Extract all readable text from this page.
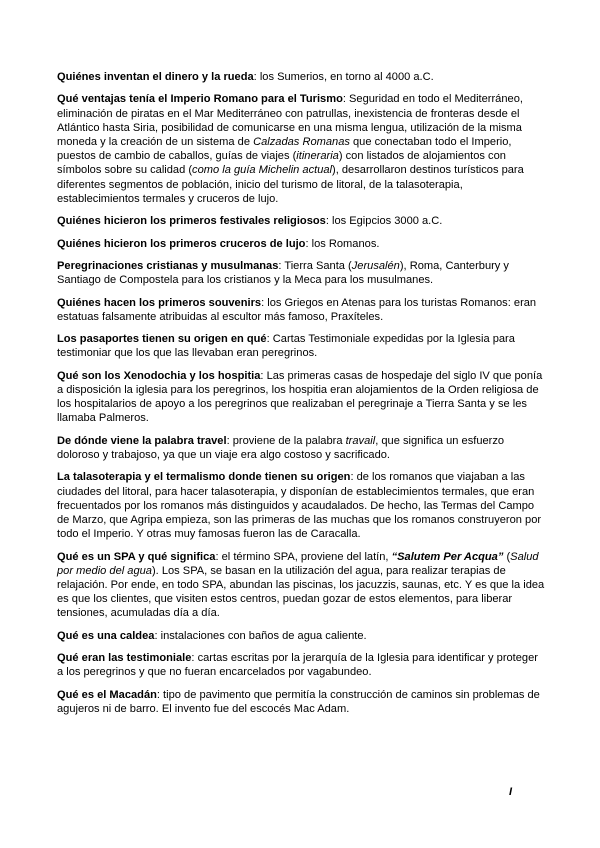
Quiénes inventan el dinero y la rueda: los Sumerios, en torno al 4000 a.C.

Qué ventajas tenía el Imperio Romano para el Turismo: Seguridad en todo el Mediterráneo, eliminación de piratas en el Mar Mediterráneo con patrullas, inexistencia de fronteras desde el Atlántico hasta Siria, posibilidad de comunicarse en una misma lengua, utilización de la misma moneda y la creación de un sistema de Calzadas Romanas que conectaban todo el Imperio, puestos de cambio de caballos, guías de viajes (itineraria) con listados de alojamientos con símbolos sobre su calidad (como la guía Michelin actual), desarrollaron destinos turísticos para diferentes segmentos de población, inicio del turismo de litoral, de la talasoterapia, establecimientos termales y cruceros de lujo.

Quiénes hicieron los primeros festivales religiosos: los Egipcios 3000 a.C.

Quiénes hicieron los primeros cruceros de lujo: los Romanos.

Peregrinaciones cristianas y musulmanas: Tierra Santa (Jerusalén), Roma, Canterbury y Santiago de Compostela para los cristianos y la Meca para los musulmanes.

Quiénes hacen los primeros souvenirs: los Griegos en Atenas para los turistas Romanos: eran estatuas falsamente atribuidas al escultor más famoso, Praxíteles.

Los pasaportes tienen su origen en qué: Cartas Testimoniale expedidas por la Iglesia para testimoniar que los que las llevaban eran peregrinos.

Qué son los Xenodochia y los hospitia: Las primeras casas de hospedaje del siglo IV que ponía a disposición la iglesia para los peregrinos, los hospitia eran alojamientos de la Orden religiosa de los hospitalarios de apoyo a los peregrinos que realizaban el peregrinaje a Tierra Santa y se les llamaba Palmeros.

De dónde viene la palabra travel: proviene de la palabra travail, que significa un esfuerzo doloroso y trabajoso, ya que un viaje era algo costoso y sacrificado.

La talasoterapia y el termalismo donde tienen su origen: de los romanos que viajaban a las ciudades del litoral, para hacer talasoterapia, y disponían de establecimientos termales, que eran frecuentados por los romanos más distinguidos y acaudalados. De hecho, las Termas del Campo de Marzo, que Agripa empieza, son las primeras de las muchas que los romanos construyeron por todo el Imperio. Y otras muy famosas fueron las de Caracalla.

Qué es un SPA y qué significa: el término SPA, proviene del latín, “Salutem Per Acqua” (Salud por medio del agua). Los SPA, se basan en la utilización del agua, para realizar terapias de relajación. Por ende, en todo SPA, abundan las piscinas, los jacuzzis, saunas, etc. Y es que la idea es que los clientes, que visiten estos centros, puedan gozar de estos elementos, para liberar tensiones, acumuladas día a día.

Qué es una caldea: instalaciones con baños de agua caliente.

Qué eran las testimoniale: cartas escritas por la jerarquía de la Iglesia para identificar y proteger a los peregrinos y que no fueran encarcelados por vagabundeo.

Qué es el Macadán: tipo de pavimento que permitía la construcción de caminos sin problemas de agujeros ni de barro. El invento fue del escocés Mac Adam.

I
